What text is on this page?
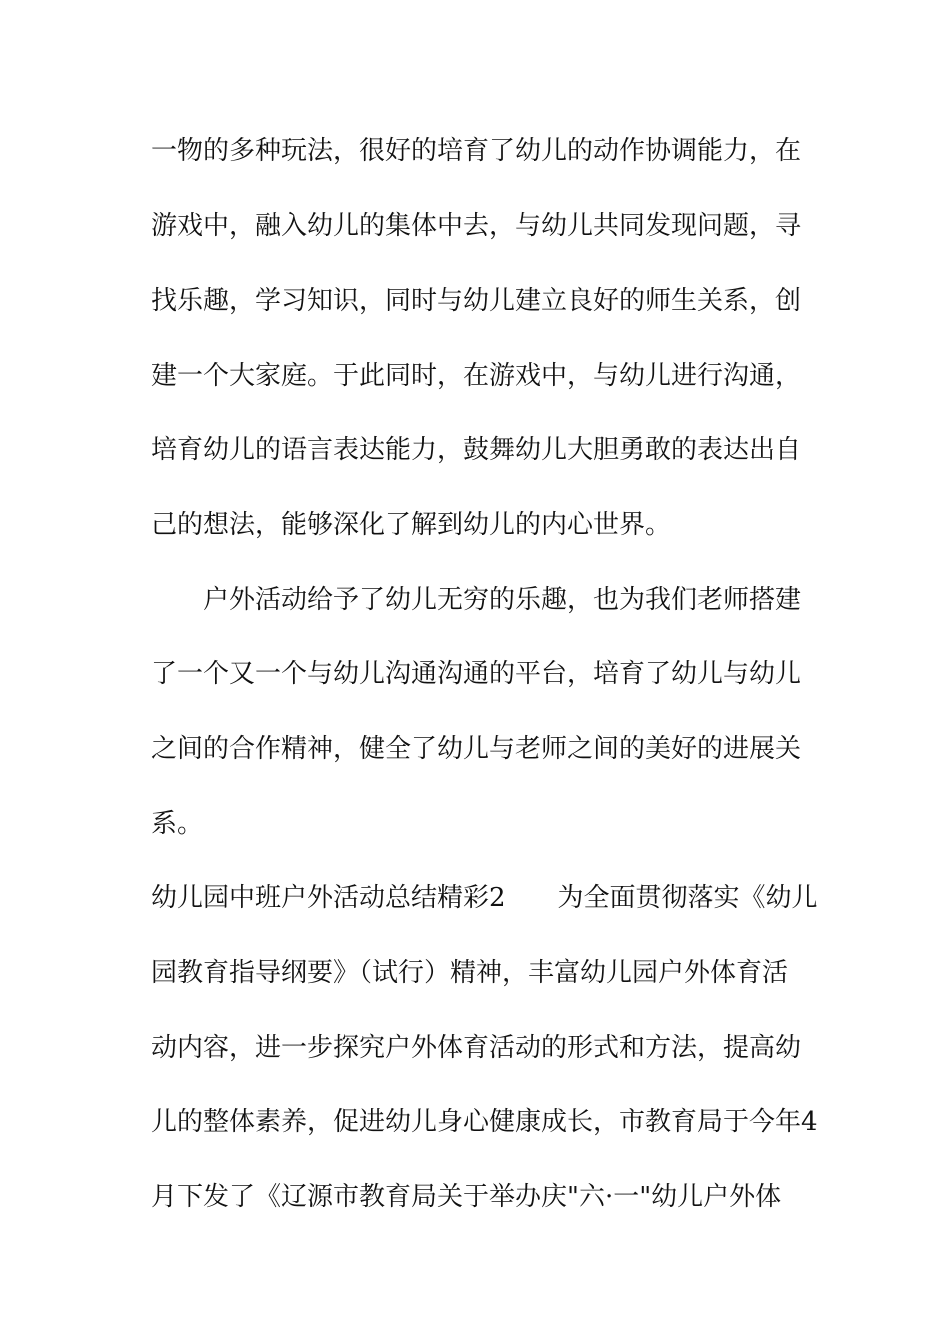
一物的多种玩法，很好的培育了幼儿的动作协调能力，在
游戏中，融入幼儿的集体中去，与幼儿共同发现问题，寻
找乐趣，学习知识，同时与幼儿建立良好的师生关系，创
建一个大家庭。于此同时，在游戏中，与幼儿进行沟通，
培育幼儿的语言表达能力，鼓舞幼儿大胆勇敢的表达出自
己的想法，能够深化了解到幼儿的内心世界。
户外活动给予了幼儿无穷的乐趣，也为我们老师搭建
了一个又一个与幼儿沟通沟通的平台，培育了幼儿与幼儿
之间的合作精神，健全了幼儿与老师之间的美好的进展关
系。
幼儿园中班户外活动总结精彩2　　为全面贯彻落实《幼儿
园教育指导纲要》（试行）精神，丰富幼儿园户外体育活
动内容，进一步探究户外体育活动的形式和方法，提高幼
儿的整体素养，促进幼儿身心健康成长，市教育局于今年4
月下发了《辽源市教育局关于举办庆"六·一"幼儿户外体
